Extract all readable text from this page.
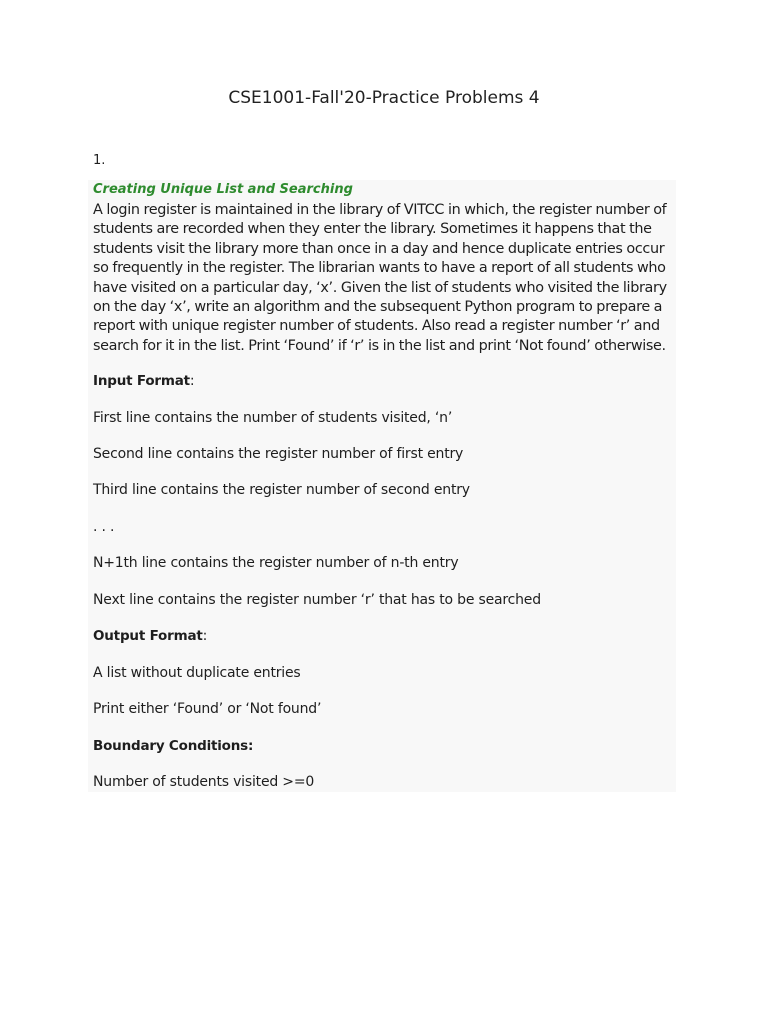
CSE1001-Fall'20-Practice Problems 4
1.
Creating Unique List and Searching
A login register is maintained in the library of VITCC in which, the register number of
students are recorded when they enter the library. Sometimes it happens that the
students visit the library more than once in a day and hence duplicate entries occur
so frequently in the register. The librarian wants to have a report of all students who
have visited on a particular day, ‘x’. Given the list of students who visited the library
on the day ‘x’, write an algorithm and the subsequent Python program to prepare a
report with unique register number of students. Also read a register number ‘r’ and
search for it in the list. Print ‘Found’ if ‘r’ is in the list and print ‘Not found’ otherwise.
Input Format:
First line contains the number of students visited, ‘n’
Second line contains the register number of first entry
Third line contains the register number of second entry
. . .
N+1th line contains the register number of n-th entry
Next line contains the register number ‘r’ that has to be searched
Output Format:
A list without duplicate entries
Print either ‘Found’ or ‘Not found’
Boundary Conditions:
Number of students visited >=0
